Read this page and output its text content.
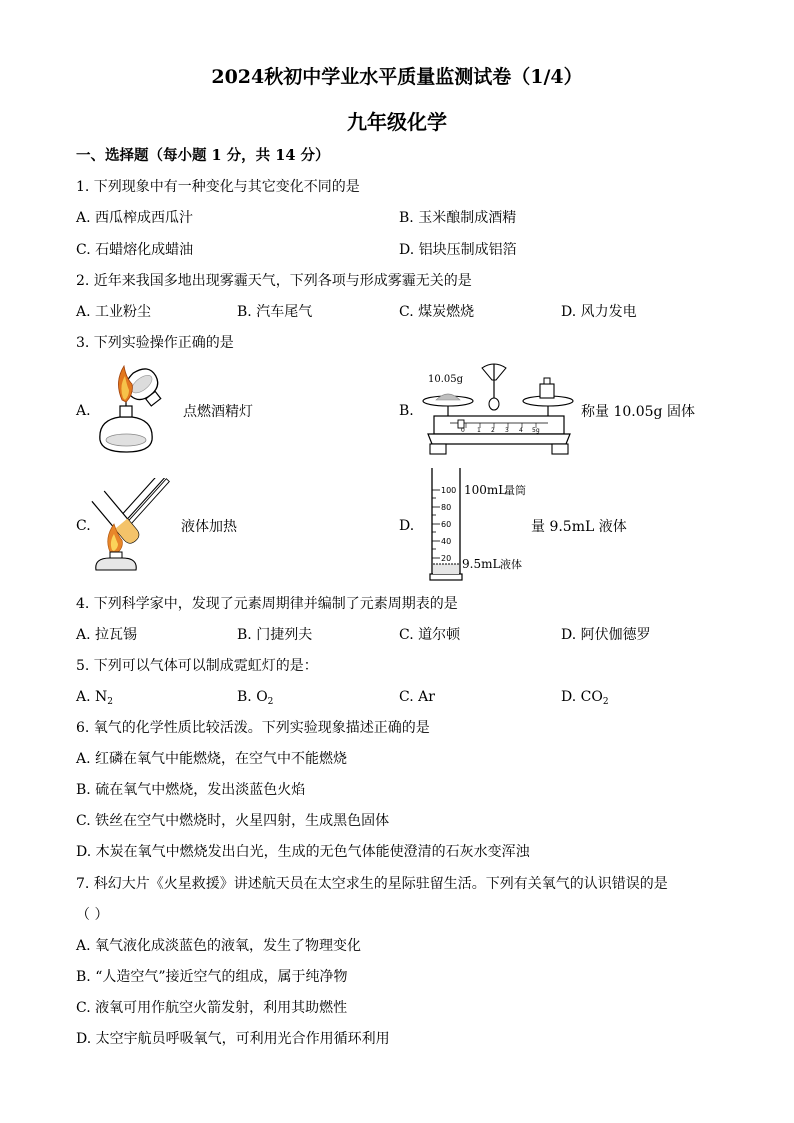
2024秋初中学业水平质量监测试卷（1/4）
九年级化学
一、选择题（每小题 1 分，共 14 分）
1. 下列现象中有一种变化与其它变化不同的是
A. 西瓜榨成西瓜汁	B. 玉米酿制成酒精
C. 石蜡熔化成蜡油	D. 铝块压制成铝箔
2. 近年来我国多地出现雾霾天气，下列各项与形成雾霾无关的是
A. 工业粉尘	B. 汽车尾气	C. 煤炭燃烧	D. 风力发电
3. 下列实验操作正确的是
A.	点燃酒精灯	B.
10.05g
0 1 2 3 4 5g
称量 10.05g 固体
C.	液体加热	D.
100
80
60
40
20
100mL
量筒
9.5mL 液体
量 9.5mL 液体
4. 下列科学家中，发现了元素周期律并编制了元素周期表的是
A. 拉瓦锡	B. 门捷列夫	C. 道尔顿	D. 阿伏伽德罗
5. 下列可以气体可以制成霓虹灯的是：
A. $N_2$	B. $O_2$	C. Ar	D. $CO_2$
6. 氧气的化学性质比较活泼。下列实验现象描述正确的是
A. 红磷在氧气中能燃烧，在空气中不能燃烧
B. 硫在氧气中燃烧，发出淡蓝色火焰
C. 铁丝在空气中燃烧时，火星四射，生成黑色固体
D. 木炭在氧气中燃烧发出白光，生成的无色气体能使澄清的石灰水变浑浊
7. 科幻大片《火星救援》讲述航天员在太空求生的星际驻留生活。下列有关氧气的认识错误的是
（ ）
A. 氧气液化成淡蓝色的液氧，发生了物理变化
B. “人造空气”接近空气的组成，属于纯净物
C. 液氧可用作航空火箭发射，利用其助燃性
D. 太空宇航员呼吸氧气，可利用光合作用循环利用
